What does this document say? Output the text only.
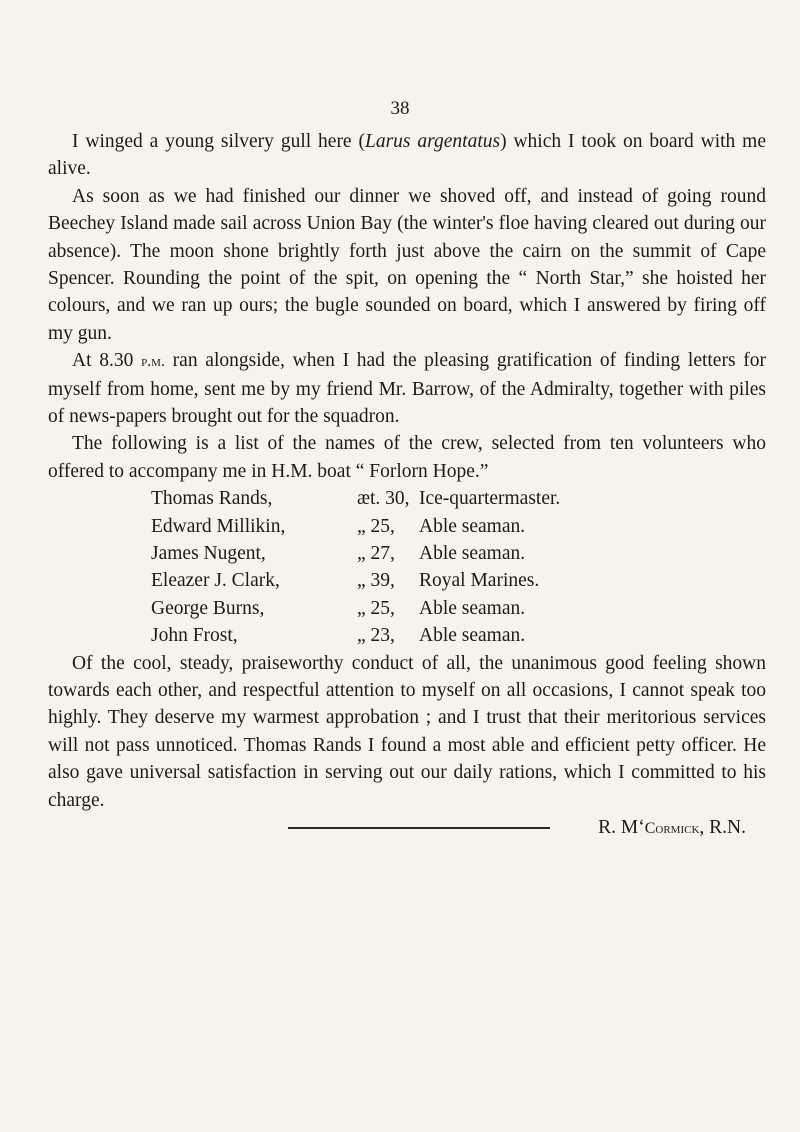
38

I winged a young silvery gull here (Larus argentatus) which I took on board with me alive.

As soon as we had finished our dinner we shoved off, and instead of going round Beechey Island made sail across Union Bay (the winter's floe having cleared out during our absence). The moon shone brightly forth just above the cairn on the summit of Cape Spencer. Rounding the point of the spit, on opening the “ North Star,” she hoisted her colours, and we ran up ours; the bugle sounded on board, which I answered by firing off my gun.

At 8.30 p.m. ran alongside, when I had the pleasing gratification of finding letters for myself from home, sent me by my friend Mr. Barrow, of the Admiralty, together with piles of news-papers brought out for the squadron.

The following is a list of the names of the crew, selected from ten volunteers who offered to accompany me in H.M. boat “ Forlorn Hope.”

Thomas Rands,	æt. 30, Ice-quartermaster.
Edward Millikin,	„ 25,	Able seaman.
James Nugent,	„ 27,	Able seaman.
Eleazer J. Clark,	„ 39,	Royal Marines.
George Burns,	„ 25,	Able seaman.
John Frost,	„ 23,	Able seaman.

Of the cool, steady, praiseworthy conduct of all, the unanimous good feeling shown towards each other, and respectful attention to myself on all occasions, I cannot speak too highly. They deserve my warmest approbation ; and I trust that their meritorious services will not pass unnoticed. Thomas Rands I found a most able and efficient petty officer. He also gave universal satisfaction in serving out our daily rations, which I committed to his charge.

R. M‘Cormick, R.N.
